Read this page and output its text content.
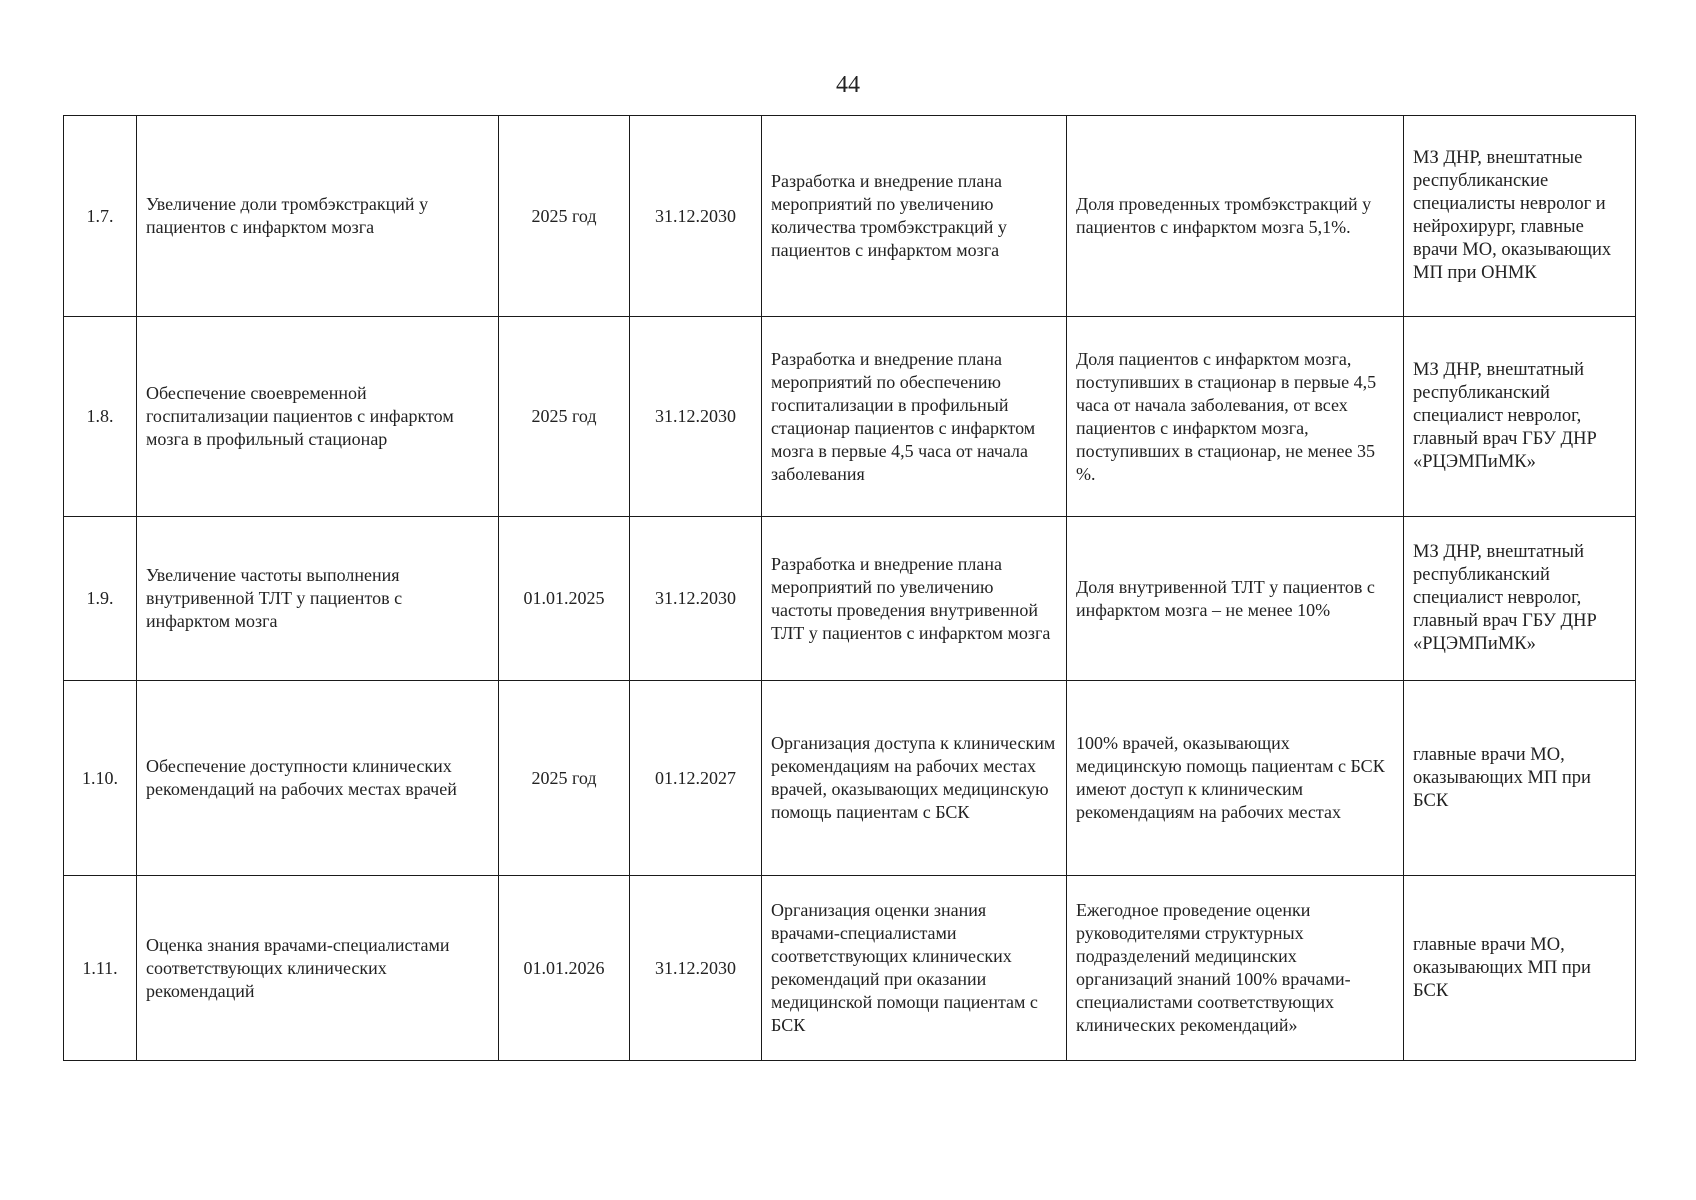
44
1.7.	Увеличение доли тромбэкстракций у пациентов с инфарктом мозга	2025 год	31.12.2030	Разработка и внедрение плана мероприятий по увеличению количества тромбэкстракций у пациентов с инфарктом мозга	Доля проведенных тромбэкстракций у пациентов с инфарктом мозга 5,1%.	МЗ ДНР, внештатные республиканские специалисты невролог и нейрохирург, главные врачи МО, оказывающих МП при ОНМК
1.8.	Обеспечение своевременной госпитализации пациентов с инфарктом мозга в профильный стационар	2025 год	31.12.2030	Разработка и внедрение плана мероприятий по обеспечению госпитализации в профильный стационар пациентов с инфарктом мозга в первые 4,5 часа от начала заболевания	Доля пациентов с инфарктом мозга, поступивших в стационар в первые 4,5 часа от начала заболевания, от всех пациентов с инфарктом мозга, поступивших в стационар, не менее 35 %.	МЗ ДНР, внештатный республиканский специалист невролог, главный врач ГБУ ДНР «РЦЭМПиМК»
1.9.	Увеличение частоты выполнения внутривенной ТЛТ у пациентов с инфарктом мозга	01.01.2025	31.12.2030	Разработка и внедрение плана мероприятий по увеличению частоты проведения внутривенной ТЛТ у пациентов с инфарктом мозга	Доля внутривенной ТЛТ у пациентов с инфарктом мозга – не менее 10%	МЗ ДНР, внештатный республиканский специалист невролог, главный врач ГБУ ДНР «РЦЭМПиМК»
1.10.	Обеспечение доступности клинических рекомендаций на рабочих местах врачей	2025 год	01.12.2027	Организация доступа к клиническим рекомендациям на рабочих местах врачей, оказывающих медицинскую помощь пациентам с БСК	100% врачей, оказывающих медицинскую помощь пациентам с БСК имеют доступ к клиническим рекомендациям на рабочих местах	главные врачи МО, оказывающих МП при БСК
1.11.	Оценка знания врачами-специалистами соответствующих клинических рекомендаций	01.01.2026	31.12.2030	Организация оценки знания врачами-специалистами соответствующих клинических рекомендаций при оказании медицинской помощи пациентам с БСК	Ежегодное проведение оценки руководителями структурных подразделений медицинских организаций знаний 100% врачами-специалистами соответствующих клинических рекомендаций»	главные врачи МО, оказывающих МП при БСК
